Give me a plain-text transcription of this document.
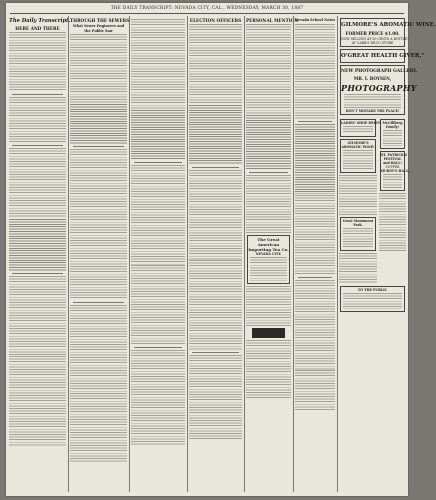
THE DAILY TRANSCRIPT: NEVADA CITY, CAL., WEDNESDAY, MARCH 30, 1887
The Daily Transcript.
HERE AND THERE
THROUGH THE SEWERS
What Sewer Engineers and the Public Saw
ELECTION OFFICERS PERSONAL MENTION
The Great American Importing Tea Co.
NEVADA CITY.
Nevada School Notes
GILMORE'S AROMATIC WINE.
FORMER PRICE $1.00.
NOW SELLING AT 50 CENTS A BOTTLE!
AT CARR'S DRUG STORE
O'GREAT HEALTH GIVER,"
NEW PHOTOGRAPH GALLERY.
MR. I. BOYSEN,
PHOTOGRAPHY
DON'T MISTAKE THE PLACE!
LADIES' SHOE DEPOT
GILMORE'S AROMATIC WINE!
Great Monument Park.
McGillberg Family!
ST. PATRICK'S
FESTIVAL and BALL!
SUPPER
HURST'S HALL,
TO THE PUBLIC
